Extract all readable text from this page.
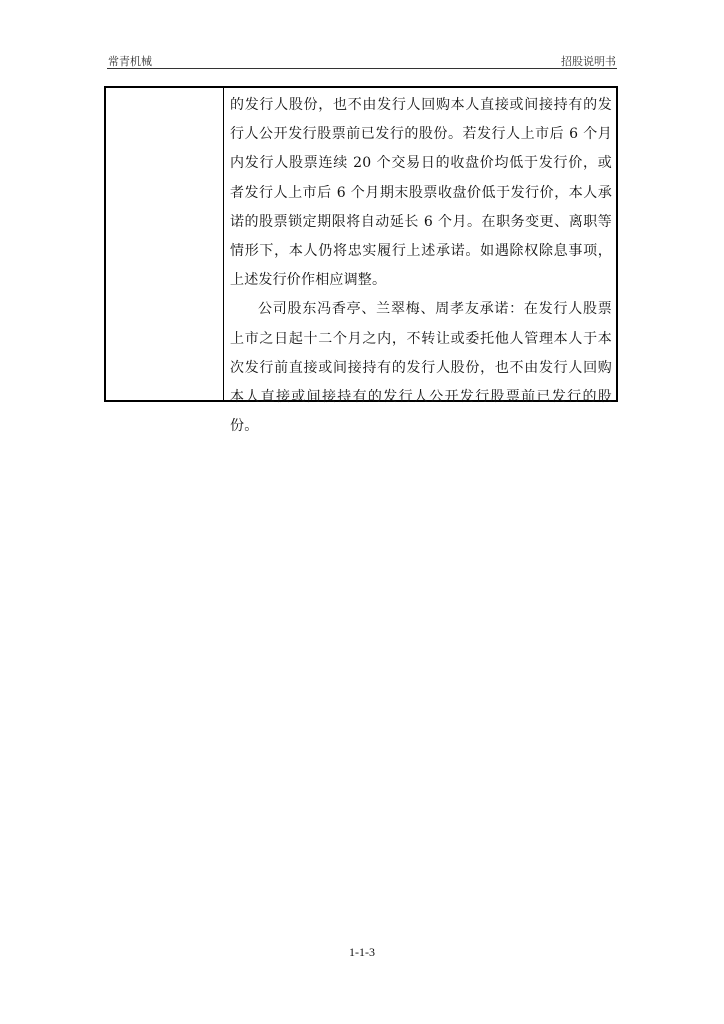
常青机械	招股说明书

的发行人股份，也不由发行人回购本人直接或间接持有的发行人公开发行股票前已发行的股份。若发行人上市后 6 个月内发行人股票连续 20 个交易日的收盘价均低于发行价，或者发行人上市后 6 个月期末股票收盘价低于发行价，本人承诺的股票锁定期限将自动延长 6 个月。在职务变更、离职等情形下，本人仍将忠实履行上述承诺。如遇除权除息事项，上述发行价作相应调整。

公司股东冯香亭、兰翠梅、周孝友承诺：在发行人股票上市之日起十二个月之内，不转让或委托他人管理本人于本次发行前直接或间接持有的发行人股份，也不由发行人回购本人直接或间接持有的发行人公开发行股票前已发行的股份。

1-1-3
